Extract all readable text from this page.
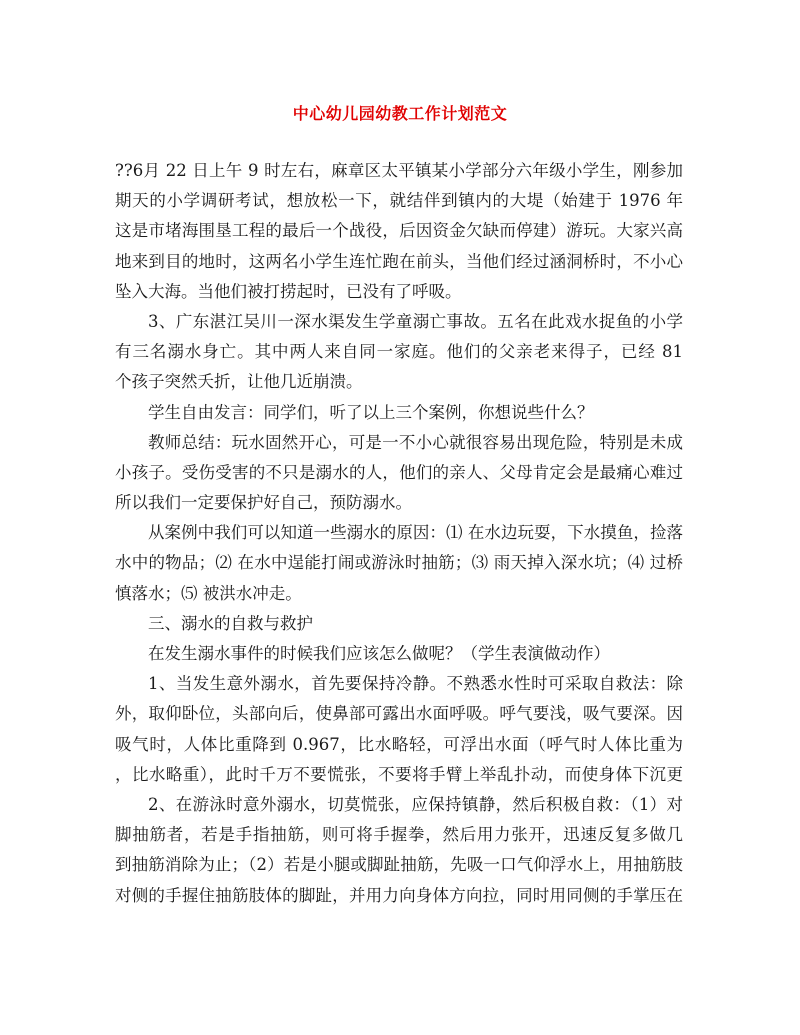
中心幼儿园幼教工作计划范文
??6月 22 日上午 9 时左右，麻章区太平镇某小学部分六年级小学生，刚参加
期天的小学调研考试，想放松一下，就结伴到镇内的大堤（始建于 1976 年
这是市堵海围垦工程的最后一个战役，后因资金欠缺而停建）游玩。大家兴高
地来到目的地时，这两名小学生连忙跑在前头，当他们经过涵洞桥时，不小心
坠入大海。当他们被打捞起时，已没有了呼吸。
3、广东湛江吴川一深水渠发生学童溺亡事故。五名在此戏水捉鱼的小学
有三名溺水身亡。其中两人来自同一家庭。他们的父亲老来得子，已经 81
个孩子突然夭折，让他几近崩溃。
学生自由发言：同学们，听了以上三个案例，你想说些什么？
教师总结：玩水固然开心，可是一不小心就很容易出现危险，特别是未成
小孩子。受伤受害的不只是溺水的人，他们的亲人、父母肯定会是最痛心难过
所以我们一定要保护好自己，预防溺水。
从案例中我们可以知道一些溺水的原因：⑴ 在水边玩耍，下水摸鱼，捡落
水中的物品；⑵ 在水中逞能打闹或游泳时抽筋；⑶ 雨天掉入深水坑；⑷ 过桥
慎落水；⑸ 被洪水冲走。
三、溺水的自救与救护
在发生溺水事件的时候我们应该怎么做呢？（学生表演做动作）
1、当发生意外溺水，首先要保持冷静。不熟悉水性时可采取自救法：除
外，取仰卧位，头部向后，使鼻部可露出水面呼吸。呼气要浅，吸气要深。因
吸气时，人体比重降到 0.967，比水略轻，可浮出水面（呼气时人体比重为
，比水略重），此时千万不要慌张，不要将手臂上举乱扑动，而使身体下沉更
2、在游泳时意外溺水，切莫慌张，应保持镇静，然后积极自救：（1）对
脚抽筋者，若是手指抽筋，则可将手握拳，然后用力张开，迅速反复多做几
到抽筋消除为止；（2）若是小腿或脚趾抽筋，先吸一口气仰浮水上，用抽筋肢
对侧的手握住抽筋肢体的脚趾，并用力向身体方向拉，同时用同侧的手掌压在
